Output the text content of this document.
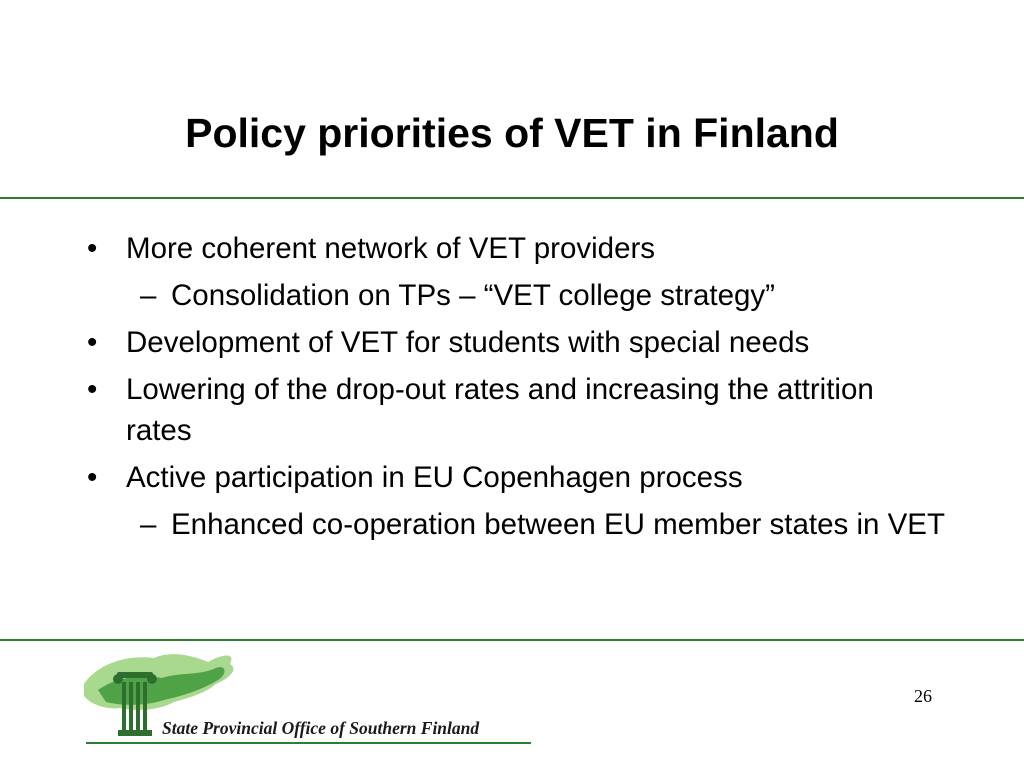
Policy priorities of VET in Finland
• More coherent network of VET providers
– Consolidation on TPs – “VET college strategy”
• Development of VET for students with special needs
• Lowering of the drop-out rates and increasing the attrition rates
• Active participation in EU Copenhagen process
– Enhanced co-operation between EU member states in VET
State Provincial Office of Southern Finland
26
